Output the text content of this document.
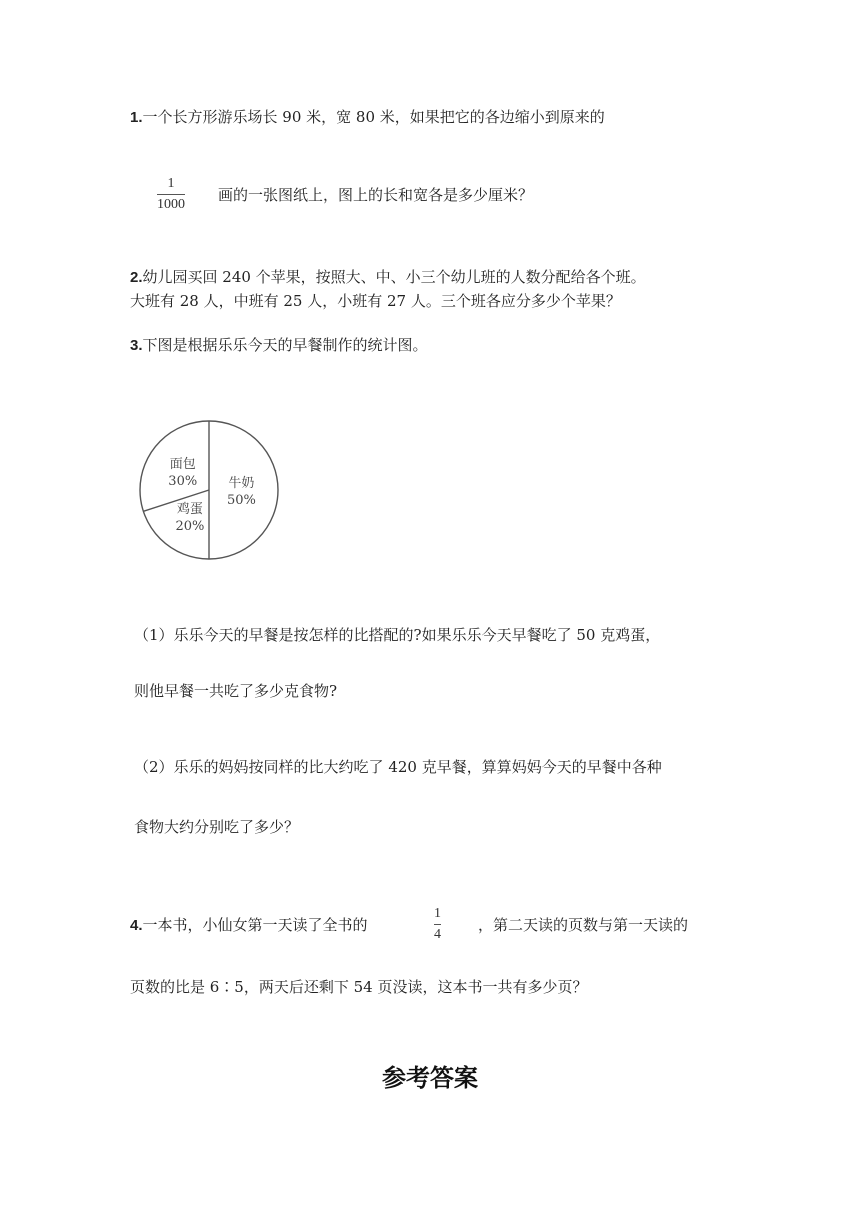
1.一个长方形游乐场长 90 米，宽 80 米，如果把它的各边缩小到原来的
1
1000
画的一张图纸上，图上的长和宽各是多少厘米？
2.幼儿园买回 240 个苹果，按照大、中、小三个幼儿班的人数分配给各个班。
大班有 28 人，中班有 25 人，小班有 27 人。三个班各应分多少个苹果？
3.下图是根据乐乐今天的早餐制作的统计图。
牛奶
50%
鸡蛋
20%
面包
30%
（1）乐乐今天的早餐是按怎样的比搭配的?如果乐乐今天早餐吃了 50 克鸡蛋，
则他早餐一共吃了多少克食物?
（2）乐乐的妈妈按同样的比大约吃了 420 克早餐，算算妈妈今天的早餐中各种
食物大约分别吃了多少？
4.一本书，小仙女第一天读了全书的
1
4
，第二天读的页数与第一天读的
页数的比是 6∶5，两天后还剩下 54 页没读，这本书一共有多少页？
参考答案
